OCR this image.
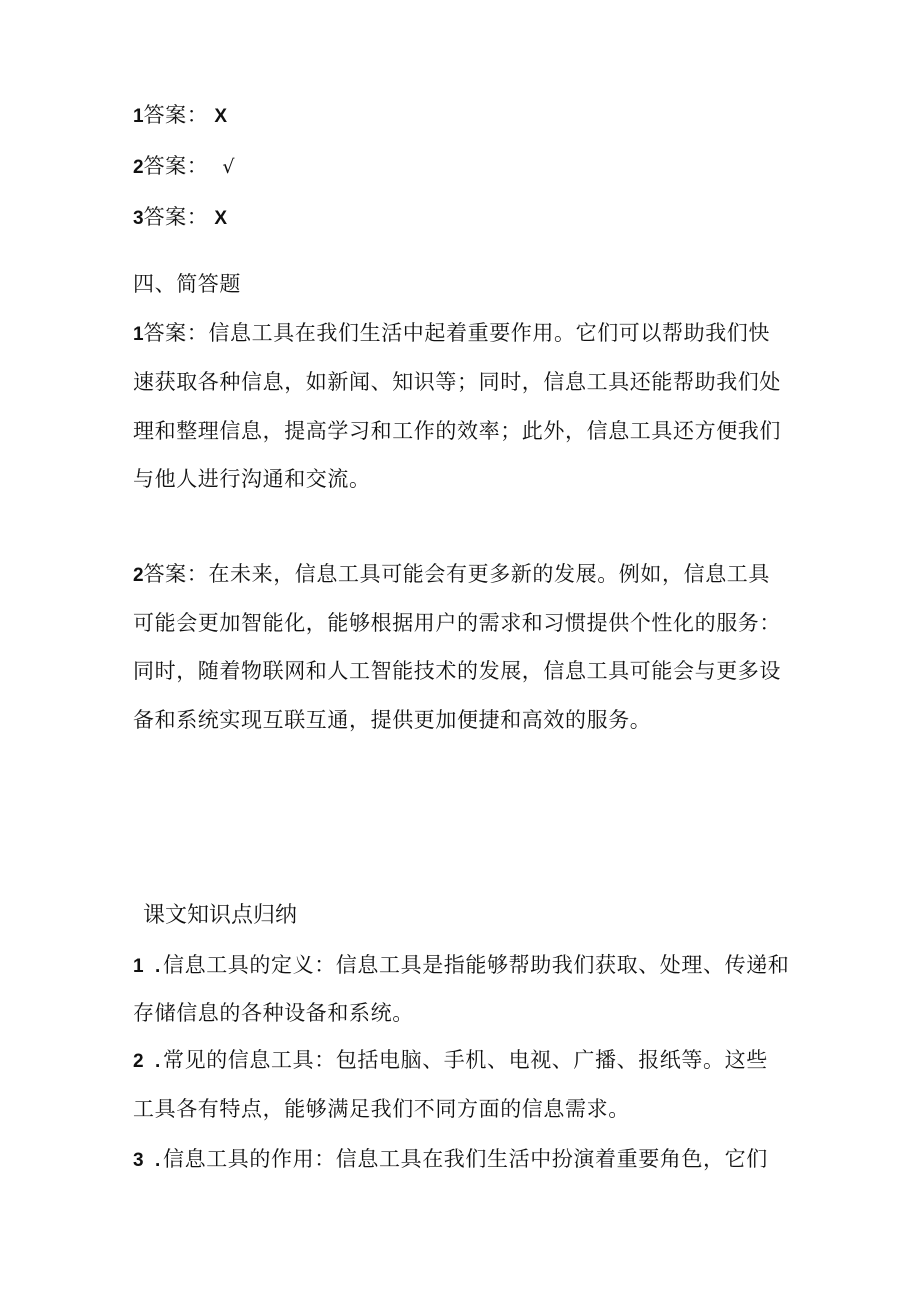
1答案： X
2答案： √
3答案： X
四、简答题
1答案：信息工具在我们生活中起着重要作用。它们可以帮助我们快
速获取各种信息，如新闻、知识等；同时，信息工具还能帮助我们处
理和整理信息，提高学习和工作的效率；此外，信息工具还方便我们
与他人进行沟通和交流。
2答案：在未来，信息工具可能会有更多新的发展。例如，信息工具
可能会更加智能化，能够根据用户的需求和习惯提供个性化的服务：
同时，随着物联网和人工智能技术的发展，信息工具可能会与更多设
备和系统实现互联互通，提供更加便捷和高效的服务。
课文知识点归纳
1 . 信息工具的定义：信息工具是指能够帮助我们获取、处理、传递和
存储信息的各种设备和系统。
2 . 常见的信息工具：包括电脑、手机、电视、广播、报纸等。这些
工具各有特点，能够满足我们不同方面的信息需求。
3 . 信息工具的作用：信息工具在我们生活中扮演着重要角色，它们
